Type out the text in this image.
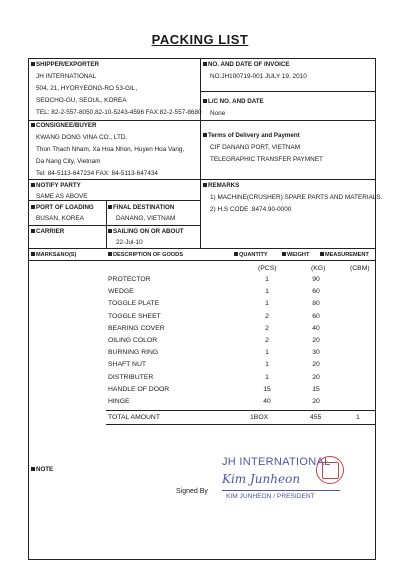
PACKING LIST
SHIPPER/EXPORTER
JH INTERNATIONAL
504, 21, HYORYEONG-RO 53-GIL,
SEOCHO-GU, SEOUL, KOREA
TEL: 82-2-557-8050,82-10-5243-4596 FAX:82-2-557-8680
NO. AND DATE OF INVOICE
NO.JH100719-001 JULY 19, 2010
L/C NO. AND DATE
None
CONSIGNEE/BUYER
KWANG DONG VINA CO., LTD.
Thon Thach Nham, Xa Hoa Nhon, Huyen Hoa Vang,
Da Nang City, Vietnam
Tel: 84-5113-647234 FAX: 84-5113-647434
Terms of Delivery and Payment
CIF DANANG PORT, VIETNAM
TELEGRAPHIC TRANSFER PAYMNET
NOTIFY PARTY
SAME AS ABOVE
REMARKS
1) MACHINE(CRUSHER) SPARE PARTS AND MATERIALS.
2) H.S CODE :8474.90-0000
PORT OF LOADING
BUSAN, KOREA
FINAL DESTINATION
DANANG, VIETNAM
CARRIER	SAILING ON OR ABOUT
22-Jul-10
MARKS&NO(S)	DESCRIPTION OF GOODS	QUANTITY	WEIGHT	MEASUREMENT
(PCS)	(KG)	(CBM)
PROTECTOR	1	90
WEDGE	1	60
TOGGLE PLATE	1	80
TOGGLE SHEET	2	60
BEARING COVER	2	40
OILING COLOR	2	20
BURNING RING	1	30
SHAFT NUT	1	20
DISTRIBUTER	1	20
HANDLE OF DOOR	15	15
HINGE	40	20
TOTAL AMOUNT	1BOX	455	1
NOTE
JH INTERNATIONAL
Kim Junheon
Signed By
KIM JUNHEON / PRESIDENT
